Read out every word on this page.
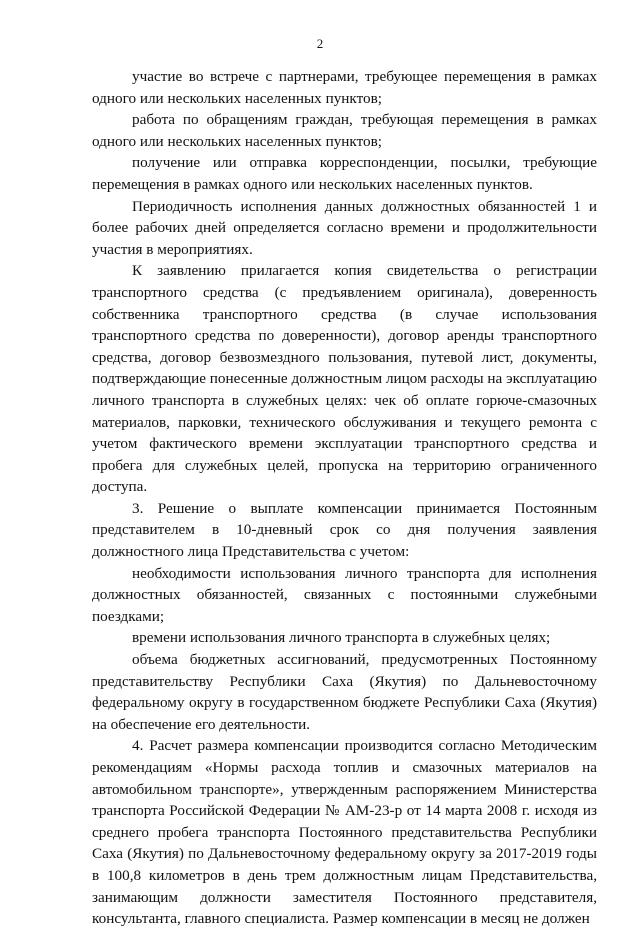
2

участие во встрече с партнерами, требующее перемещения в рамках одного или нескольких населенных пунктов;

работа по обращениям граждан, требующая перемещения в рамках одного или нескольких населенных пунктов;

получение или отправка корреспонденции, посылки, требующие перемещения в рамках одного или нескольких населенных пунктов.

Периодичность исполнения данных должностных обязанностей 1 и более рабочих дней определяется согласно времени и продолжительности участия в мероприятиях.

К заявлению прилагается копия свидетельства о регистрации транспортного средства (с предъявлением оригинала), доверенность собственника транспортного средства (в случае использования транспортного средства по доверенности), договор аренды транспортного средства, договор безвозмездного пользования, путевой лист, документы, подтверждающие понесенные должностным лицом расходы на эксплуатацию личного транспорта в служебных целях: чек об оплате горюче-смазочных материалов, парковки, технического обслуживания и текущего ремонта с учетом фактического времени эксплуатации транспортного средства и пробега для служебных целей, пропуска на территорию ограниченного доступа.

3. Решение о выплате компенсации принимается Постоянным представителем в 10-дневный срок со дня получения заявления должностного лица Представительства с учетом:

необходимости использования личного транспорта для исполнения должностных обязанностей, связанных с постоянными служебными поездками;

времени использования личного транспорта в служебных целях;

объема бюджетных ассигнований, предусмотренных Постоянному представительству Республики Саха (Якутия) по Дальневосточному федеральному округу в государственном бюджете Республики Саха (Якутия) на обеспечение его деятельности.

4. Расчет размера компенсации производится согласно Методическим рекомендациям «Нормы расхода топлив и смазочных материалов на автомобильном транспорте», утвержденным распоряжением Министерства транспорта Российской Федерации № АМ-23-р от 14 марта 2008 г. исходя из среднего пробега транспорта Постоянного представительства Республики Саха (Якутия) по Дальневосточному федеральному округу за 2017-2019 годы в 100,8 километров в день трем должностным лицам Представительства, занимающим должности заместителя Постоянного представителя, консультанта, главного специалиста. Размер компенсации в месяц не должен
